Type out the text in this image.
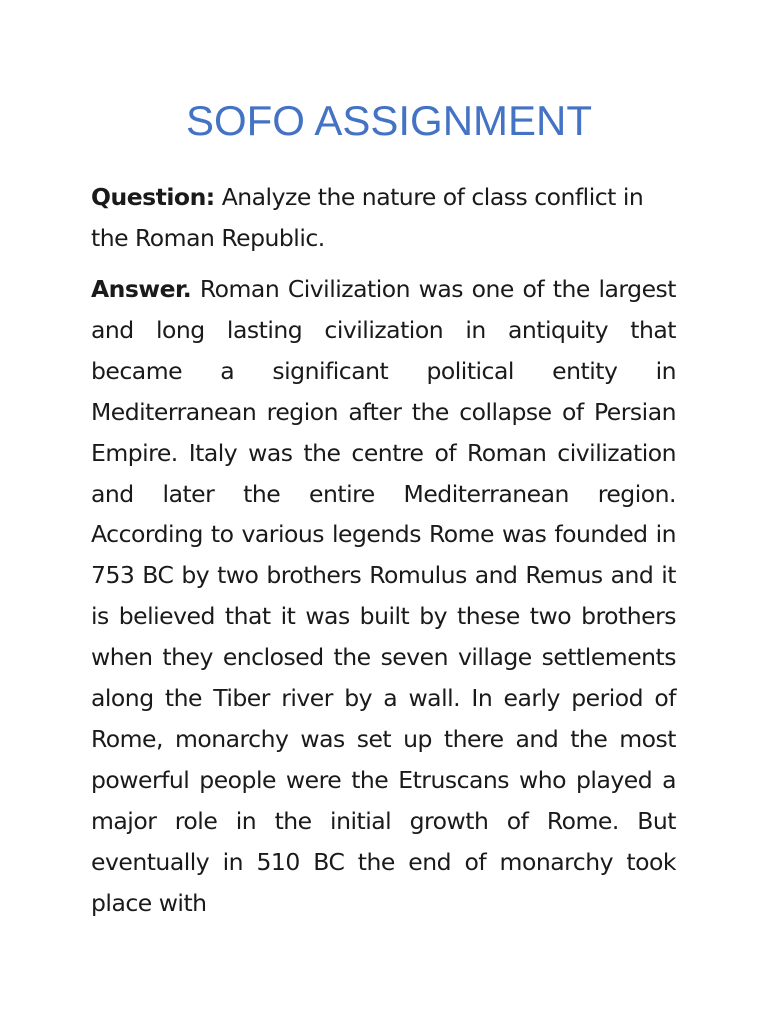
SOFO ASSIGNMENT

Question: Analyze the nature of class conflict in the Roman Republic.

Answer. Roman Civilization was one of the largest and long lasting civilization in antiquity that became a significant political entity in Mediterranean region after the collapse of Persian Empire. Italy was the centre of Roman civilization and later the entire Mediterranean region. According to various legends Rome was founded in 753 BC by two brothers Romulus and Remus and it is believed that it was built by these two brothers when they enclosed the seven village settlements along the Tiber river by a wall. In early period of Rome, monarchy was set up there and the most powerful people were the Etruscans who played a major role in the initial growth of Rome. But eventually in 510 BC the end of monarchy took place with
